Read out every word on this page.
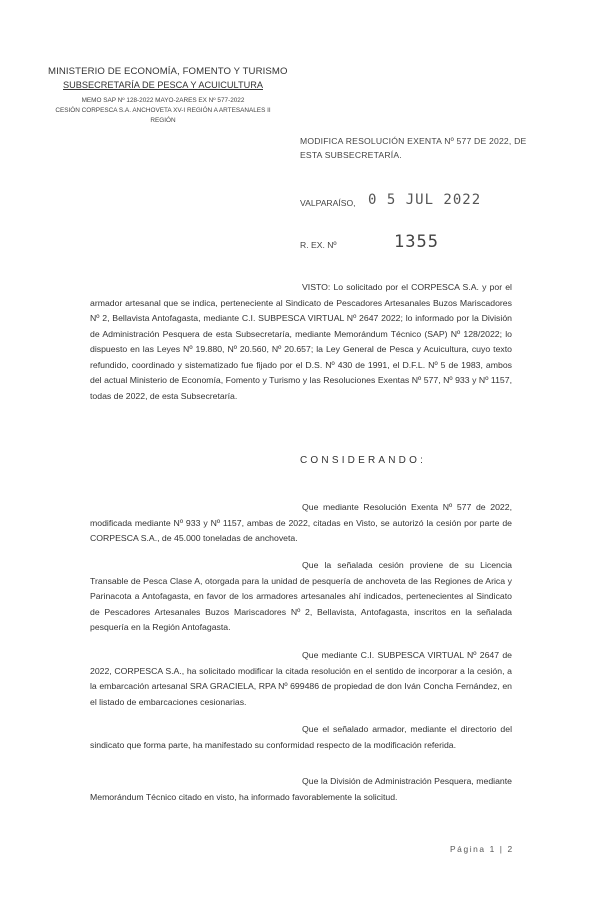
MINISTERIO DE ECONOMÍA, FOMENTO Y TURISMO
SUBSECRETARÍA DE PESCA Y ACUICULTURA
MEMO SAP Nº 128-2022 MAYO-2ARES EX Nº 577-2022
CESIÓN CORPESCA S.A. ANCHOVETA XV-I REGIÓN A ARTESANALES II
REGIÓN
MODIFICA RESOLUCIÓN EXENTA Nº 577 DE 2022, DE
ESTA SUBSECRETARÍA.
VALPARAÍSO, 0 5 JUL 2022
R. EX. Nº	1355
VISTO: Lo solicitado por el CORPESCA S.A. y por el armador artesanal que se indica, perteneciente al Sindicato de Pescadores Artesanales Buzos Mariscadores Nº 2, Bellavista Antofagasta, mediante C.I. SUBPESCA VIRTUAL Nº 2647 2022; lo informado por la División de Administración Pesquera de esta Subsecretaría, mediante Memorándum Técnico (SAP) Nº 128/2022; lo dispuesto en las Leyes Nº 19.880, Nº 20.560, Nº 20.657; la Ley General de Pesca y Acuicultura, cuyo texto refundido, coordinado y sistematizado fue fijado por el D.S. Nº 430 de 1991, el D.F.L. Nº 5 de 1983, ambos del actual Ministerio de Economía, Fomento y Turismo y las Resoluciones Exentas Nº 577, Nº 933 y Nº 1157, todas de 2022, de esta Subsecretaría.
CONSIDERANDO:
Que mediante Resolución Exenta Nº 577 de 2022, modificada mediante Nº 933 y Nº 1157, ambas de 2022, citadas en Visto, se autorizó la cesión por parte de CORPESCA S.A., de 45.000 toneladas de anchoveta.
Que la señalada cesión proviene de su Licencia Transable de Pesca Clase A, otorgada para la unidad de pesquería de anchoveta de las Regiones de Arica y Parinacota a Antofagasta, en favor de los armadores artesanales ahí indicados, pertenecientes al Sindicato de Pescadores Artesanales Buzos Mariscadores Nº 2, Bellavista, Antofagasta, inscritos en la señalada pesquería en la Región Antofagasta.
Que mediante C.I. SUBPESCA VIRTUAL Nº 2647 de 2022, CORPESCA S.A., ha solicitado modificar la citada resolución en el sentido de incorporar a la cesión, a la embarcación artesanal SRA GRACIELA, RPA Nº 699486 de propiedad de don Iván Concha Fernández, en el listado de embarcaciones cesionarias.
Que el señalado armador, mediante el directorio del sindicato que forma parte, ha manifestado su conformidad respecto de la modificación referida.
Que la División de Administración Pesquera, mediante Memorándum Técnico citado en visto, ha informado favorablemente la solicitud.
Página 1 | 2
